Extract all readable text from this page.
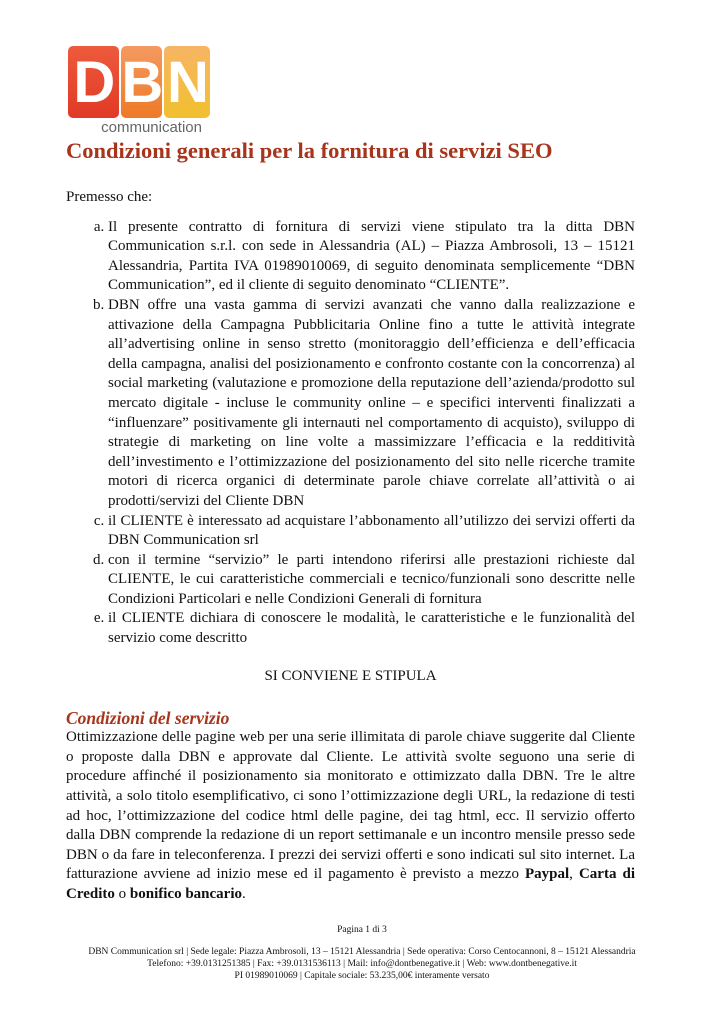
D B N
communication
Condizioni generali per la fornitura di servizi SEO

Premesso che:

a. Il presente contratto di fornitura di servizi viene stipulato tra la ditta DBN Communication s.r.l. con sede in Alessandria (AL) – Piazza Ambrosoli, 13 – 15121 Alessandria, Partita IVA 01989010069, di seguito denominata semplicemente “DBN Communication”, ed il cliente di seguito denominato “CLIENTE”.
b. DBN offre una vasta gamma di servizi avanzati che vanno dalla realizzazione e attivazione della Campagna Pubblicitaria Online fino a tutte le attività integrate all’advertising online in senso stretto (monitoraggio dell’efficienza e dell’efficacia della campagna, analisi del posizionamento e confronto costante con la concorrenza) al social marketing (valutazione e promozione della reputazione dell’azienda/prodotto sul mercato digitale - incluse le community online – e specifici interventi finalizzati a “influenzare” positivamente gli internauti nel comportamento di acquisto), sviluppo di strategie di marketing on line volte a massimizzare l’efficacia e la redditività dell’investimento e l’ottimizzazione del posizionamento del sito nelle ricerche tramite motori di ricerca organici di determinate parole chiave correlate all’attività o ai prodotti/servizi del Cliente DBN
c. il CLIENTE è interessato ad acquistare l’abbonamento all’utilizzo dei servizi offerti da DBN Communication srl
d. con il termine “servizio” le parti intendono riferirsi alle prestazioni richieste dal CLIENTE, le cui caratteristiche commerciali e tecnico/funzionali sono descritte nelle Condizioni Particolari e nelle Condizioni Generali di fornitura
e. il CLIENTE dichiara di conoscere le modalità, le caratteristiche e le funzionalità del servizio come descritto

SI CONVIENE E STIPULA

Condizioni del servizio

Ottimizzazione delle pagine web per una serie illimitata di parole chiave suggerite dal Cliente o proposte dalla DBN e approvate dal Cliente. Le attività svolte seguono una serie di procedure affinché il posizionamento sia monitorato e ottimizzato dalla DBN. Tre le altre attività, a solo titolo esemplificativo, ci sono l’ottimizzazione degli URL, la redazione di testi ad hoc, l’ottimizzazione del codice html delle pagine, dei tag html, ecc. Il servizio offerto dalla DBN comprende la redazione di un report settimanale e un incontro mensile presso sede DBN o da fare in teleconferenza. I prezzi dei servizi offerti e sono indicati sul sito internet. La fatturazione avviene ad inizio mese ed il pagamento è previsto a mezzo Paypal, Carta di Credito o bonifico bancario.

Pagina 1 di 3
DBN Communication srl | Sede legale: Piazza Ambrosoli, 13 – 15121 Alessandria | Sede operativa: Corso Centocannoni, 8 – 15121 Alessandria
Telefono: +39.0131251385 | Fax: +39.0131536113 | Mail: info@dontbenegative.it | Web: www.dontbenegative.it
PI 01989010069 | Capitale sociale: 53.235,00€ interamente versato
